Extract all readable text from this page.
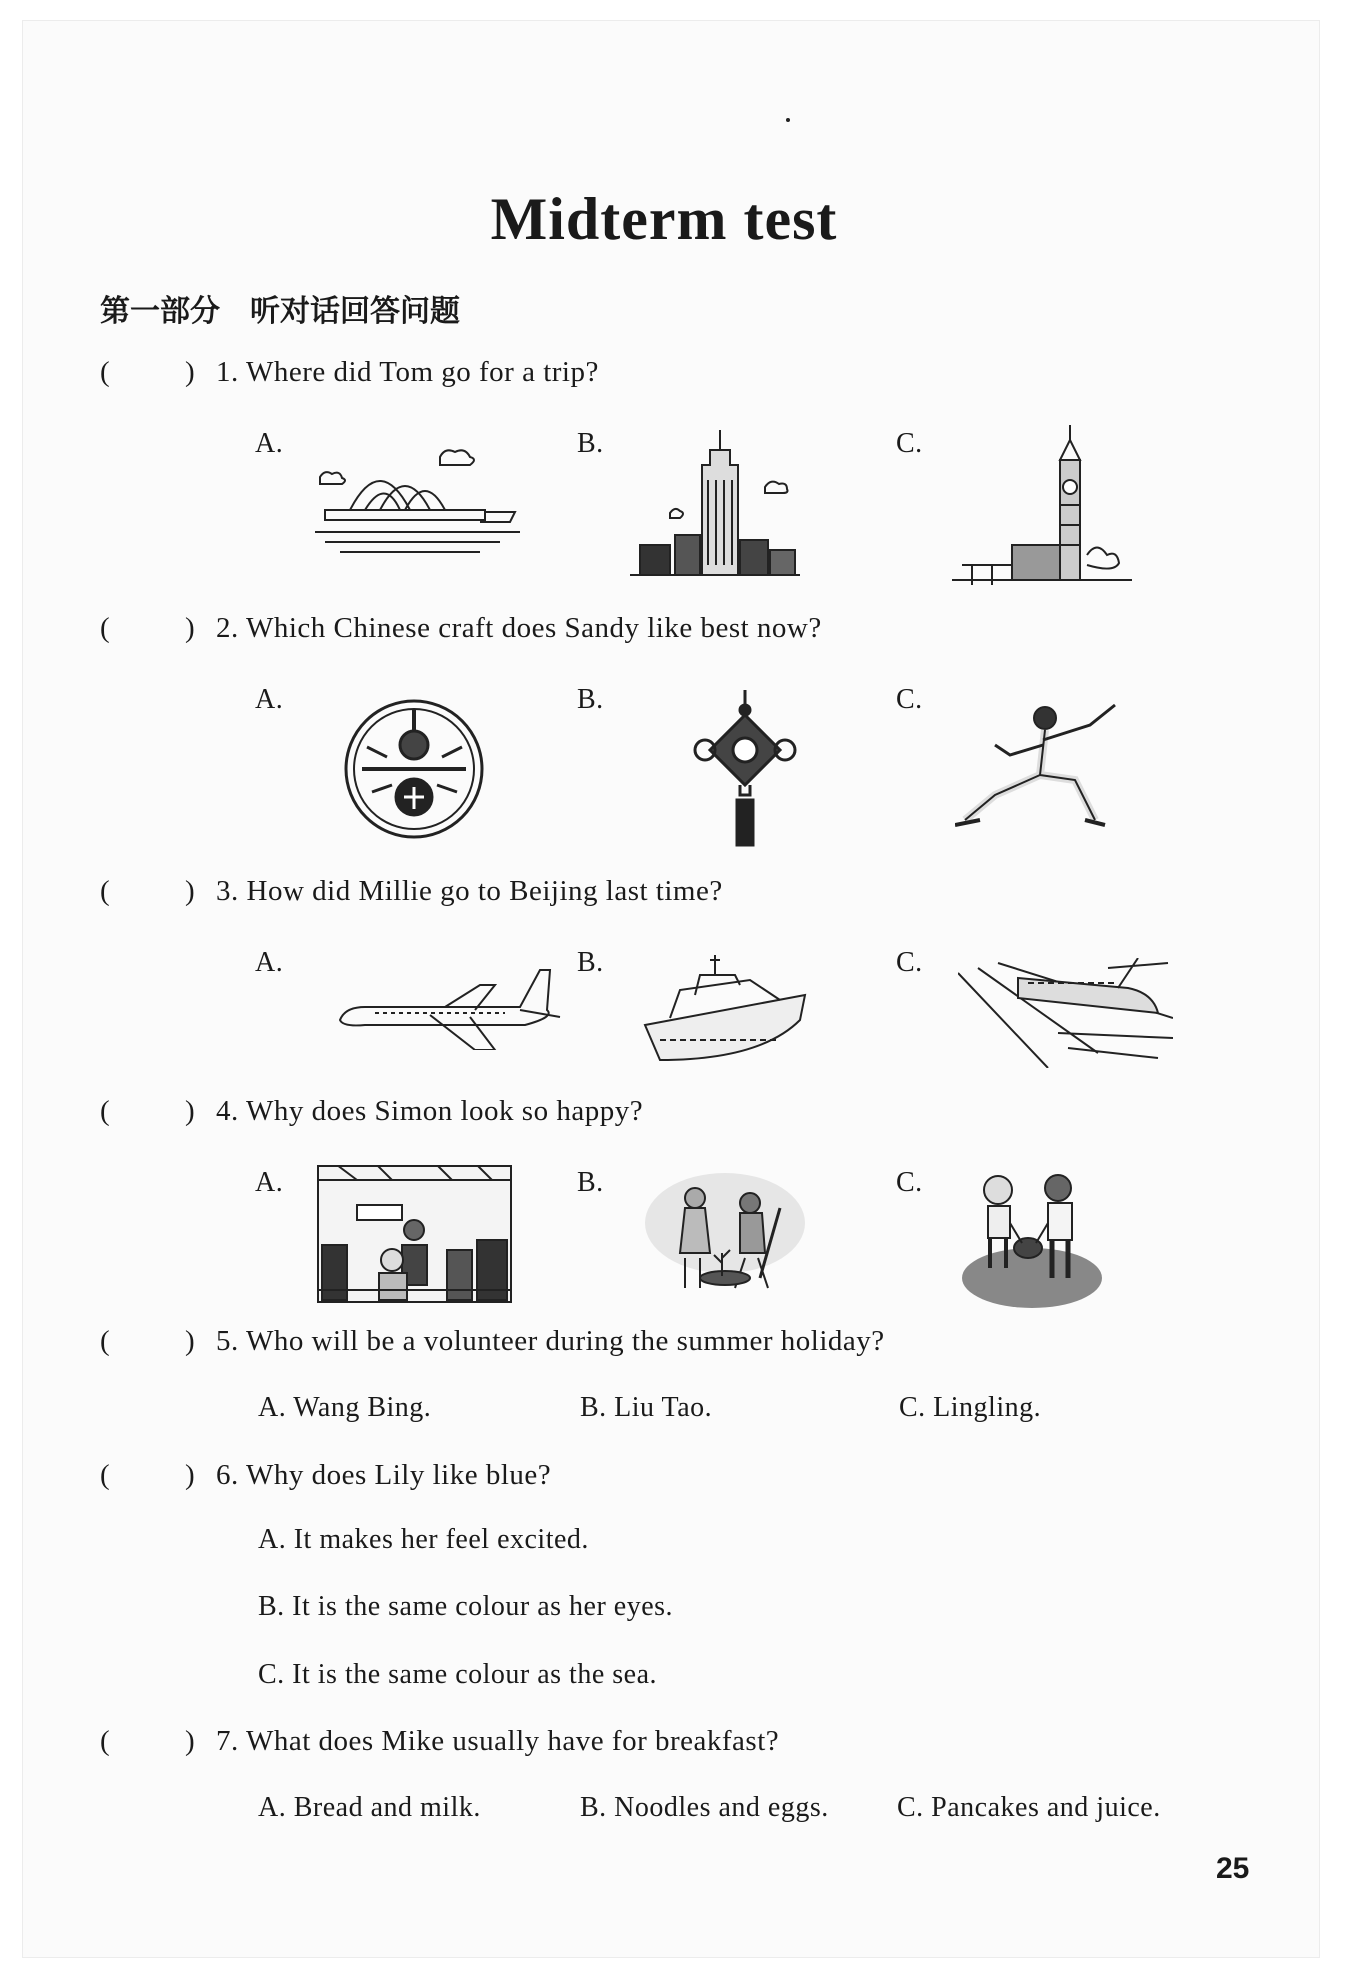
Midterm test
第一部分　听对话回答问题
(	) 1. Where did Tom go for a trip?
A.	B.	C.
(	) 2. Which Chinese craft does Sandy like best now?
A.	B.	C.
(	) 3. How did Millie go to Beijing last time?
A.	B.	C.
(	) 4. Why does Simon look so happy?
A.	B.	C.
(	) 5. Who will be a volunteer during the summer holiday?
A. Wang Bing.	B. Liu Tao.	C. Lingling.
(	) 6. Why does Lily like blue?
A. It makes her feel excited.
B. It is the same colour as her eyes.
C. It is the same colour as the sea.
(	) 7. What does Mike usually have for breakfast?
A. Bread and milk.	B. Noodles and eggs. C. Pancakes and juice.
25
